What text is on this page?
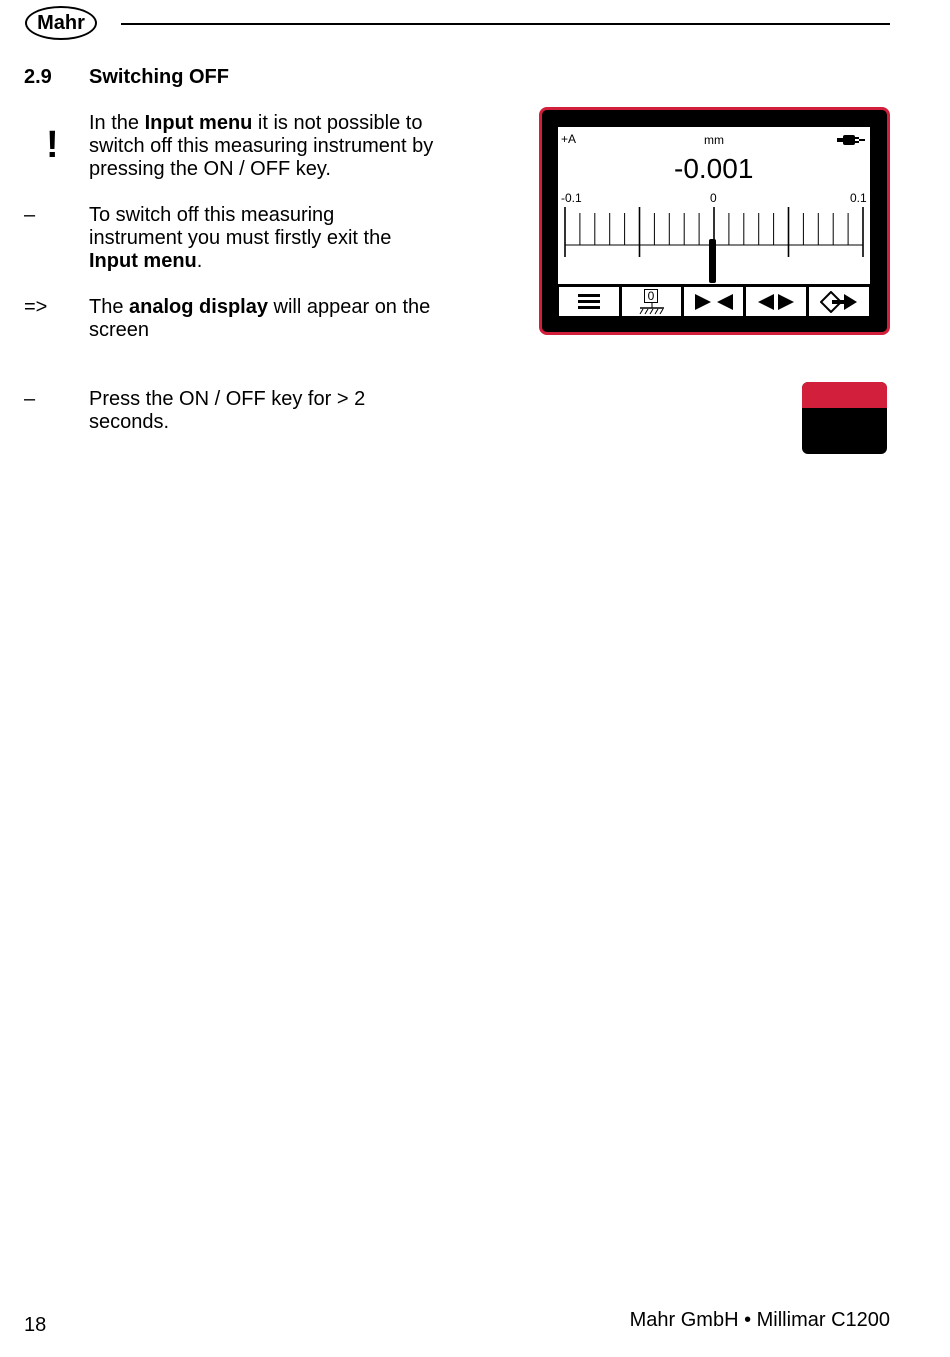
Mahr
2.9 Switching OFF
!
In the Input menu it is not possible to switch off this measuring instrument by pressing the ON / OFF key.
–	To switch off this measuring instrument you must firstly exit the Input menu.
=> The analog display will appear on the screen
–	Press the ON / OFF key for > 2 seconds.
+A	mm
-0.001
-0.1	0	0.1
0
18	Mahr GmbH • Millimar C1200
